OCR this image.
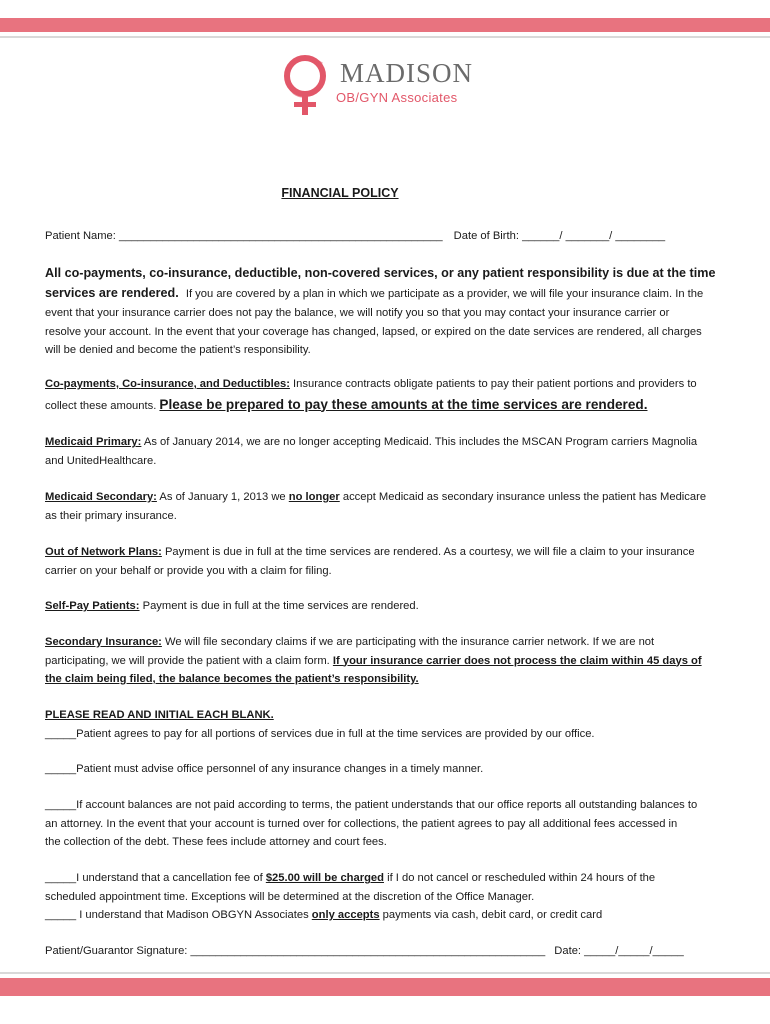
MADISON
OB/GYN Associates
FINANCIAL POLICY
Patient Name: ____________________________________________________ Date of Birth: ______/ _______/ ________
All co-payments, co-insurance, deductible, non-covered services, or any patient responsibility is due at the time
services are rendered. If you are covered by a plan in which we participate as a provider, we will file your insurance claim. In the
event that your insurance carrier does not pay the balance, we will notify you so that you may contact your insurance carrier or
resolve your account. In the event that your coverage has changed, lapsed, or expired on the date services are rendered, all charges
will be denied and become the patient’s responsibility.
Co-payments, Co-insurance, and Deductibles: Insurance contracts obligate patients to pay their patient portions and providers to
collect these amounts. Please be prepared to pay these amounts at the time services are rendered.
Medicaid Primary: As of January 2014, we are no longer accepting Medicaid. This includes the MSCAN Program carriers Magnolia
and UnitedHealthcare.
Medicaid Secondary: As of January 1, 2013 we no longer accept Medicaid as secondary insurance unless the patient has Medicare
as their primary insurance.
Out of Network Plans: Payment is due in full at the time services are rendered. As a courtesy, we will file a claim to your insurance
carrier on your behalf or provide you with a claim for filing.
Self-Pay Patients: Payment is due in full at the time services are rendered.
Secondary Insurance: We will file secondary claims if we are participating with the insurance carrier network. If we are not
participating, we will provide the patient with a claim form. If your insurance carrier does not process the claim within 45 days of
the claim being filed, the balance becomes the patient’s responsibility.
PLEASE READ AND INITIAL EACH BLANK.
_____Patient agrees to pay for all portions of services due in full at the time services are provided by our office.
_____Patient must advise office personnel of any insurance changes in a timely manner.
_____If account balances are not paid according to terms, the patient understands that our office reports all outstanding balances to
an attorney. In the event that your account is turned over for collections, the patient agrees to pay all additional fees accessed in
the collection of the debt. These fees include attorney and court fees.
_____I understand that a cancellation fee of $25.00 will be charged if I do not cancel or rescheduled within 24 hours of the
scheduled appointment time. Exceptions will be determined at the discretion of the Office Manager.
_____ I understand that Madison OBGYN Associates only accepts payments via cash, debit card, or credit card
Patient/Guarantor Signature: _________________________________________________________ Date: _____/_____/_____
